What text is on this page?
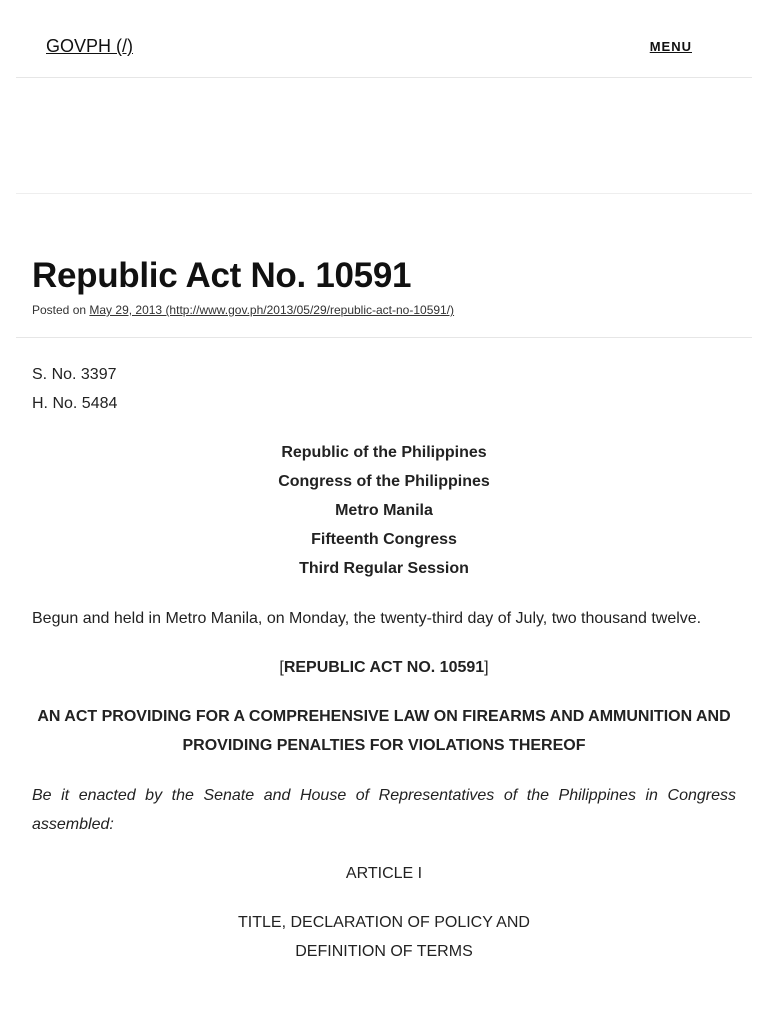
GOVPH (/)	MENU
Republic Act No. 10591
Posted on May 29, 2013 (http://www.gov.ph/2013/05/29/republic-act-no-10591/)

S. No. 3397
H. No. 5484

Republic of the Philippines
Congress of the Philippines
Metro Manila
Fifteenth Congress
Third Regular Session

Begun and held in Metro Manila, on Monday, the twenty-third day of July, two thousand twelve.

[REPUBLIC ACT NO. 10591]

AN ACT PROVIDING FOR A COMPREHENSIVE LAW ON FIREARMS AND AMMUNITION AND PROVIDING PENALTIES FOR VIOLATIONS THEREOF

Be it enacted by the Senate and House of Representatives of the Philippines in Congress assembled:

ARTICLE I

TITLE, DECLARATION OF POLICY AND
DEFINITION OF TERMS
